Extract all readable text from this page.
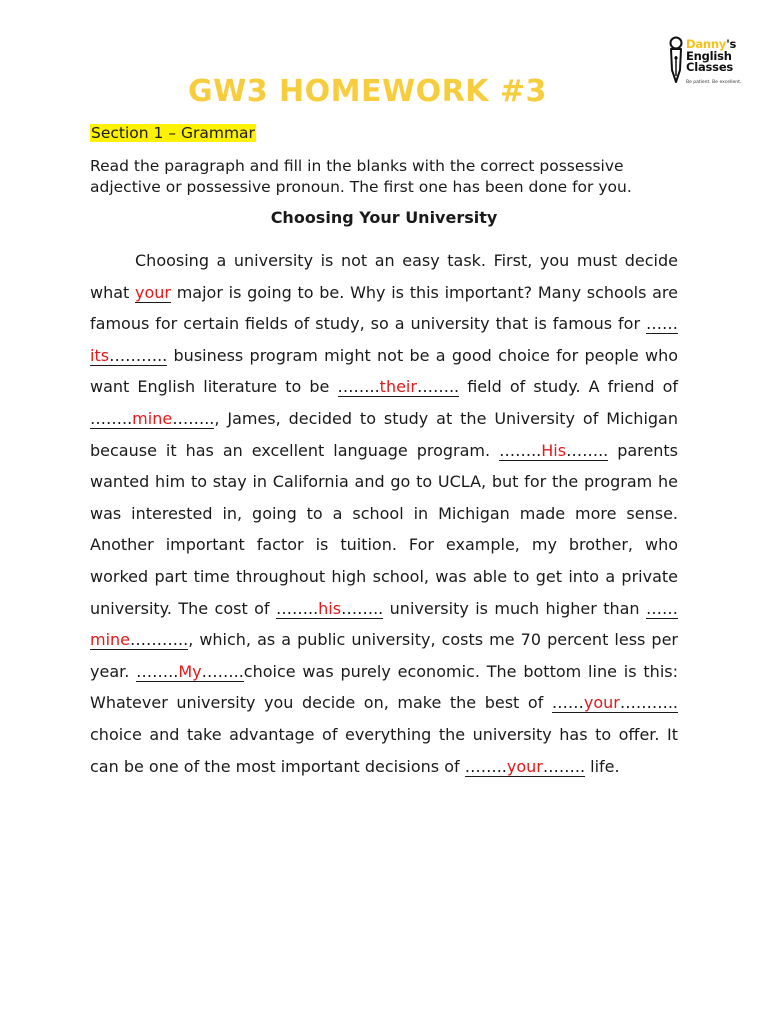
Danny's
English
Classes
Be patient. Be excellent.
GW3 HOMEWORK #3
Section 1 – Grammar
Read the paragraph and fill in the blanks with the correct possessive adjective or possessive pronoun. The first one has been done for you.
Choosing Your University
Choosing a university is not an easy task. First, you must decide what your major is going to be. Why is this important? Many schools are famous for certain fields of study, so a university that is famous for ……its……….. business program might not be a good choice for people who want English literature to be ……..their…….. field of study. A friend of ……..mine…….., James, decided to study at the University of Michigan because it has an excellent language program. ……..His…….. parents wanted him to stay in California and go to UCLA, but for the program he was interested in, going to a school in Michigan made more sense. Another important factor is tuition. For example, my brother, who worked part time throughout high school, was able to get into a private university. The cost of ……..his…….. university is much higher than ……mine……….., which, as a public university, costs me 70 percent less per year. ……..My……..choice was purely economic. The bottom line is this: Whatever university you decide on, make the best of ……your……….. choice and take advantage of everything the university has to offer. It can be one of the most important decisions of ……..your…….. life.
